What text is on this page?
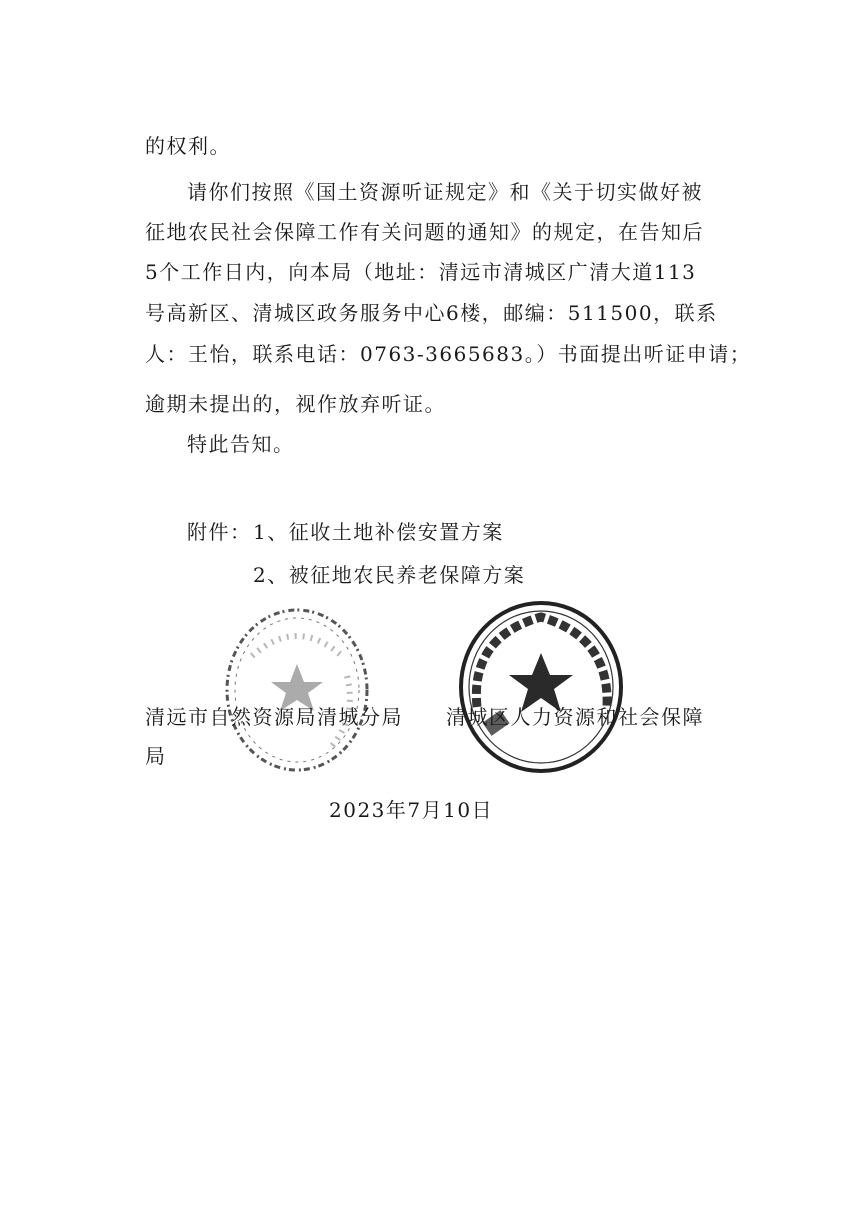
的权利。
请你们按照《国土资源听证规定》和《关于切实做好被
征地农民社会保障工作有关问题的通知》的规定，在告知后
5个工作日内，向本局（地址：清远市清城区广清大道113
号高新区、清城区政务服务中心6楼，邮编：511500，联系
人：王怡，联系电话：0763-3665683。）书面提出听证申请；
逾期未提出的，视作放弃听证。
特此告知。
附件： 1、征收土地补偿安置方案
2、被征地农民养老保障方案
清远市自然资源局清城分局 清城区人力资源和社会保障
局
2023年7月10日
